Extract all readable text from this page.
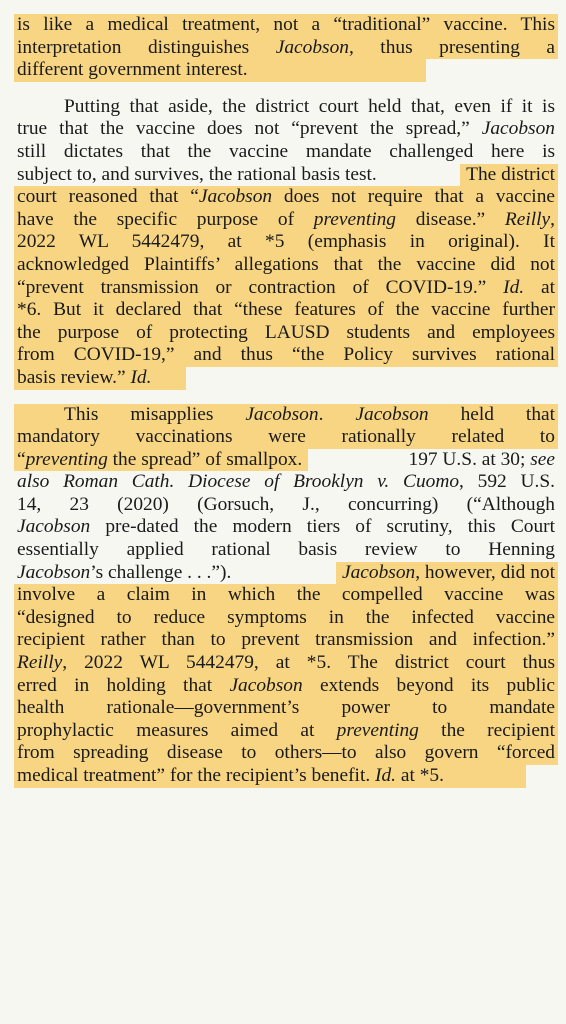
is like a medical treatment, not a “traditional” vaccine. This
interpretation distinguishes Jacobson, thus presenting a
different government interest.

Putting that aside, the district court held that, even if it is
true that the vaccine does not “prevent the spread,” Jacobson
still dictates that the vaccine mandate challenged here is
subject to, and survives, the rational basis test.	The district
court reasoned that “Jacobson does not require that a vaccine
have the specific purpose of preventing disease.” Reilly,
2022 WL 5442479, at *5 (emphasis in original). It
acknowledged Plaintiffs’ allegations that the vaccine did not
“prevent transmission or contraction of COVID-19.” Id. at
*6. But it declared that “these features of the vaccine further
the purpose of protecting LAUSD students and employees
from COVID-19,” and thus “the Policy survives rational
basis review.” Id.

This misapplies Jacobson. Jacobson held that
mandatory vaccinations were rationally related to
“preventing the spread” of smallpox.	197 U.S. at 30; see
also Roman Cath. Diocese of Brooklyn v. Cuomo, 592 U.S.
14, 23 (2020) (Gorsuch, J., concurring) (“Although
Jacobson pre-dated the modern tiers of scrutiny, this Court
essentially applied rational basis review to Henning
Jacobson’s challenge . . .”).	Jacobson, however, did not
involve a claim in which the compelled vaccine was
“designed to reduce symptoms in the infected vaccine
recipient rather than to prevent transmission and infection.”
Reilly, 2022 WL 5442479, at *5. The district court thus
erred in holding that Jacobson extends beyond its public
health rationale—government’s power to mandate
prophylactic measures aimed at preventing the recipient
from spreading disease to others—to also govern “forced
medical treatment” for the recipient’s benefit. Id. at *5.
